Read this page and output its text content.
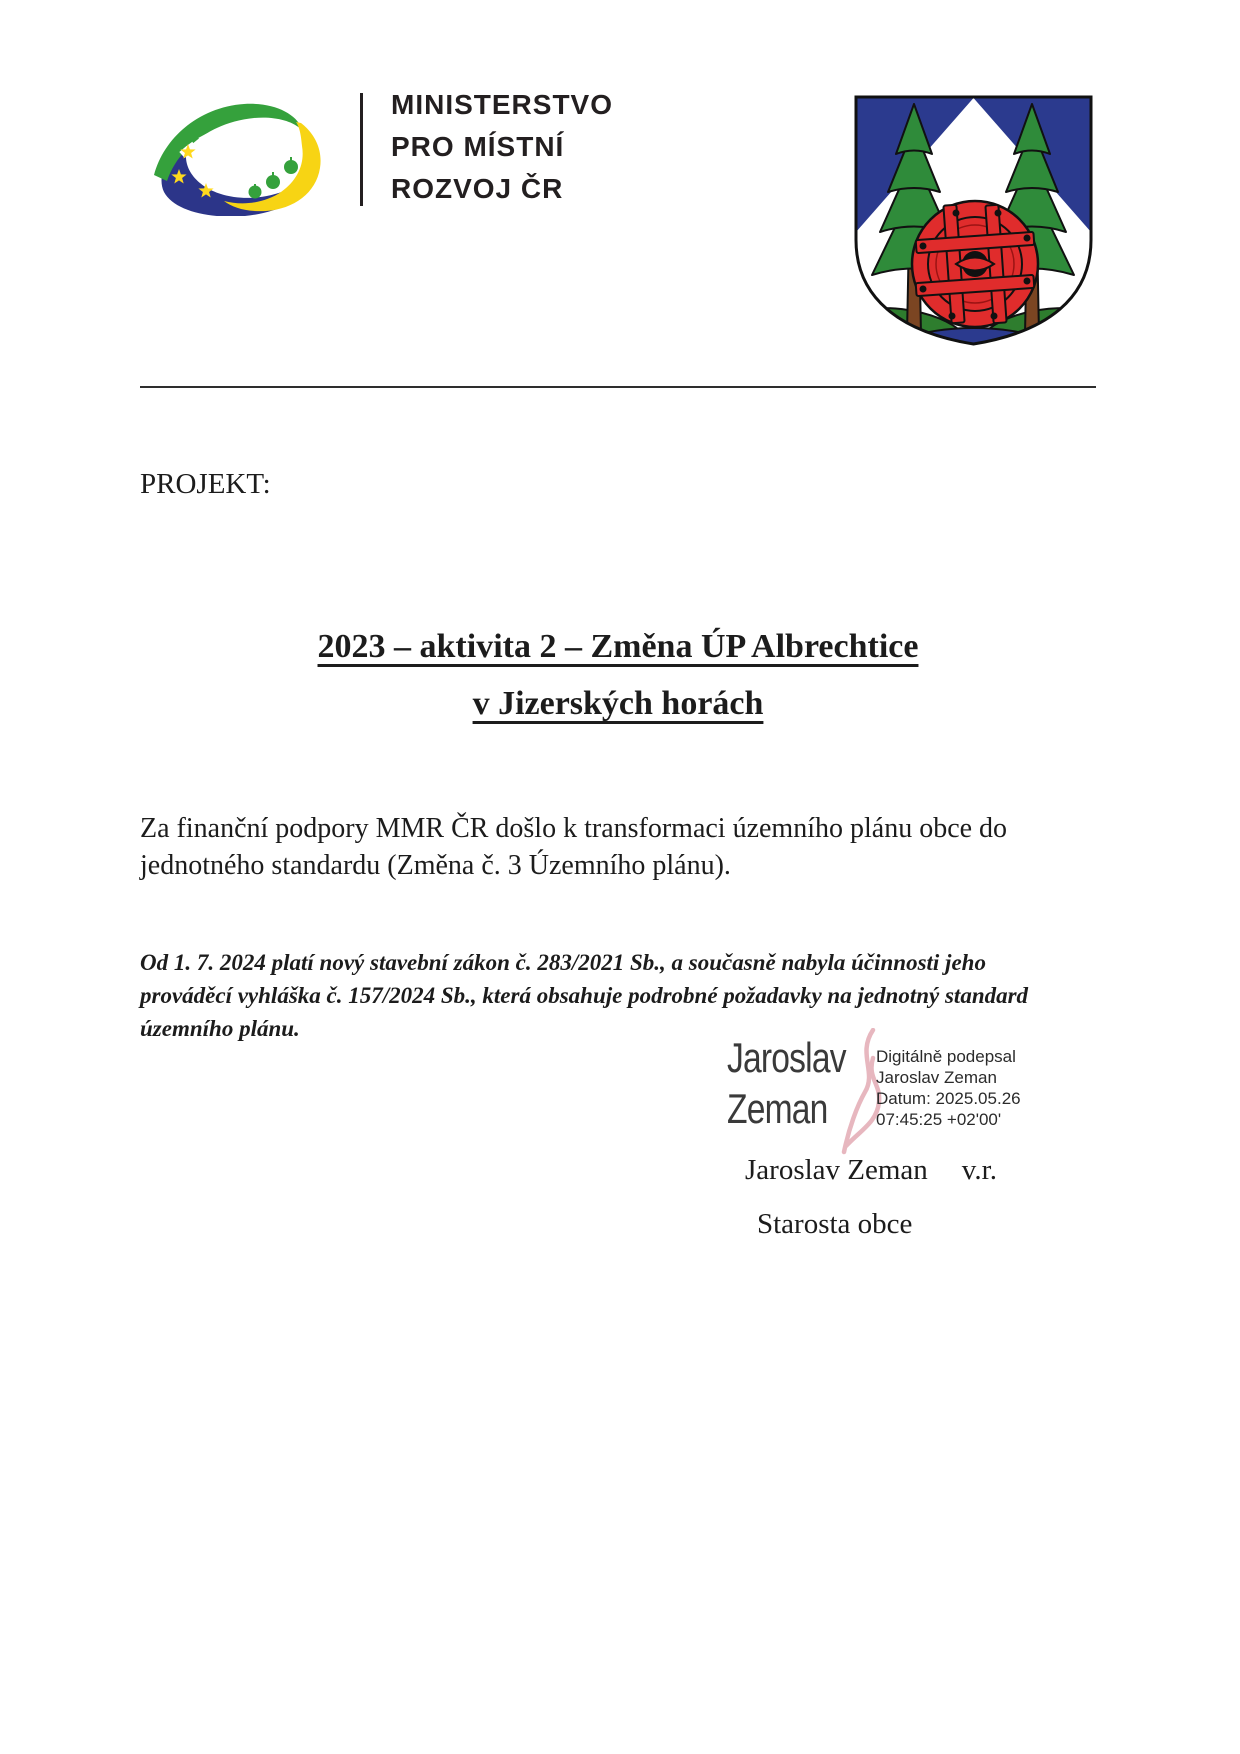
MINISTERSTVO
PRO MÍSTNÍ
ROZVOJ ČR
PROJEKT:
2023 – aktivita 2 – Změna ÚP Albrechtice
v Jizerských horách

Za finanční podpory MMR ČR došlo k transformaci územního plánu obce do jednotného standardu (Změna č. 3 Územního plánu).

Od 1. 7. 2024 platí nový stavební zákon č. 283/2021 Sb., a současně nabyla účinnosti jeho prováděcí vyhláška č. 157/2024 Sb., která obsahuje podrobné požadavky na jednotný standard územního plánu.

Jaroslav
Zeman
Digitálně podepsal
Jaroslav Zeman
Datum: 2025.05.26
07:45:25 +02'00'
Jaroslav Zeman v.r.
Starosta obce
